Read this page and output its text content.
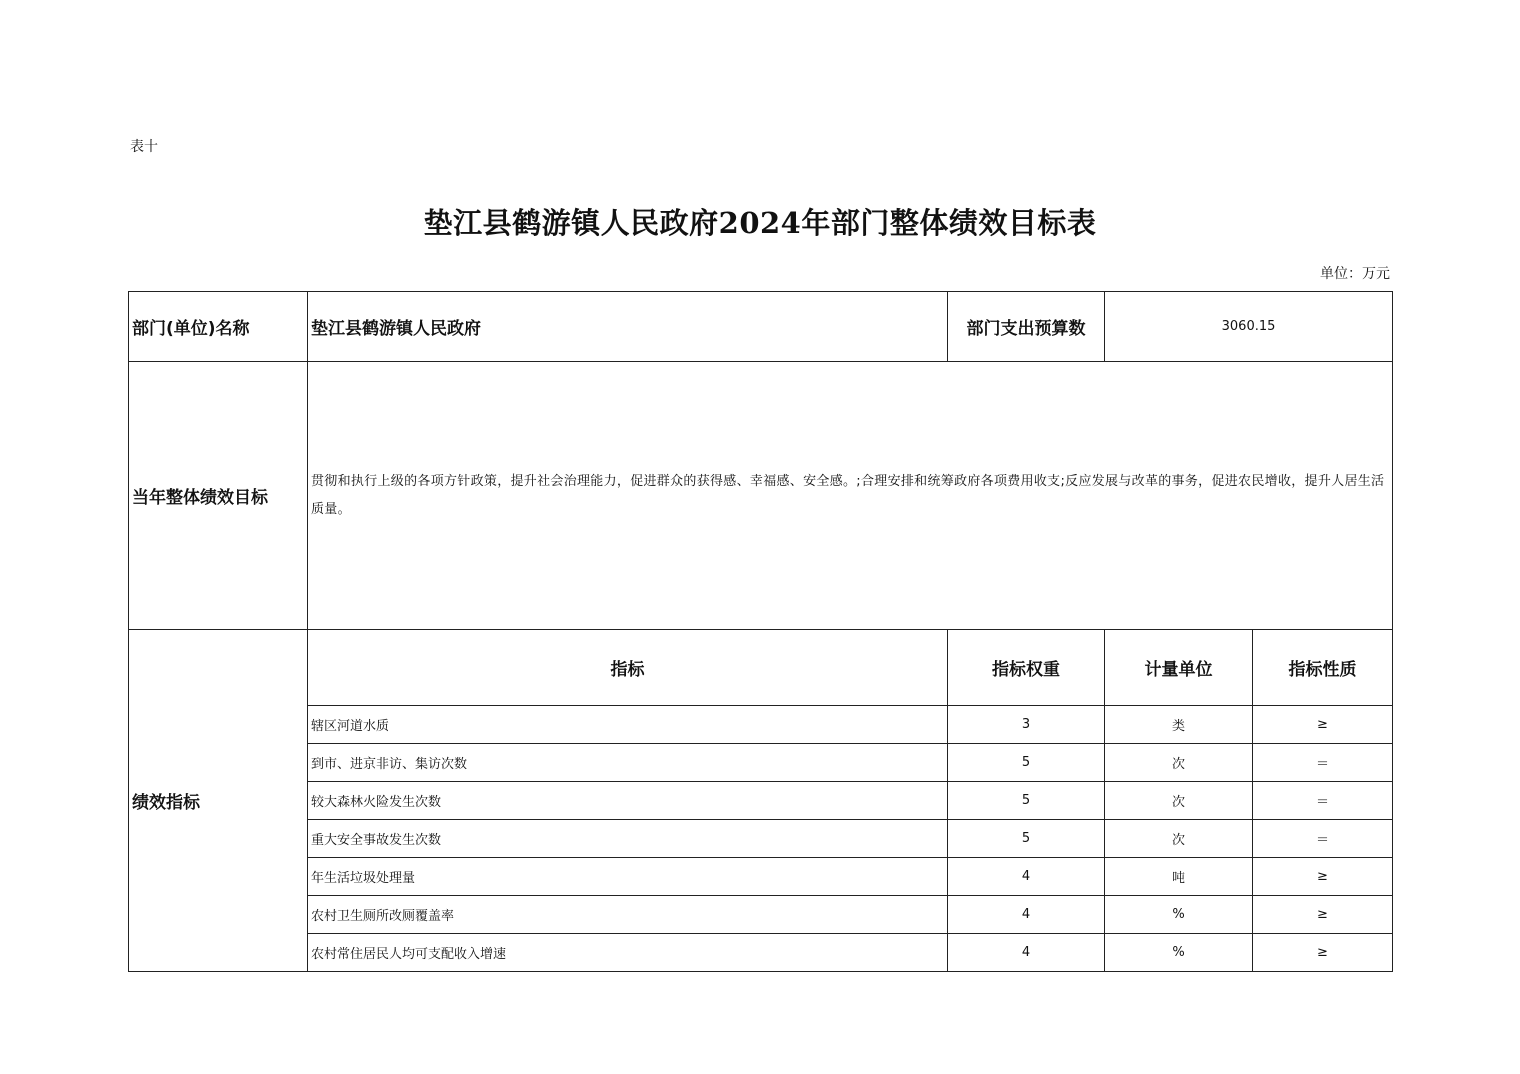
表十
垫江县鹤游镇人民政府2024年部门整体绩效目标表
单位：万元
部门(单位)名称	垫江县鹤游镇人民政府	部门支出预算数	3060.15		
当年整体绩效目标	贯彻和执行上级的各项方针政策，提升社会治理能力，促进群众的获得感、幸福感、安全感。;合理安排和统筹政府各项费用收支;反应发展与改革的事务，促进农民增收，提升人居生活质量。				
绩效指标	指标	指标权重	计量单位	指标性质	
	辖区河道水质	3	类	≥	
	到市、进京非访、集访次数	5	次	＝	
	较大森林火险发生次数	5	次	＝	
	重大安全事故发生次数	5	次	＝	
	年生活垃圾处理量	4	吨	≥	
	农村卫生厕所改厕覆盖率	4	%	≥	
	农村常住居民人均可支配收入增速	4	%	≥	
